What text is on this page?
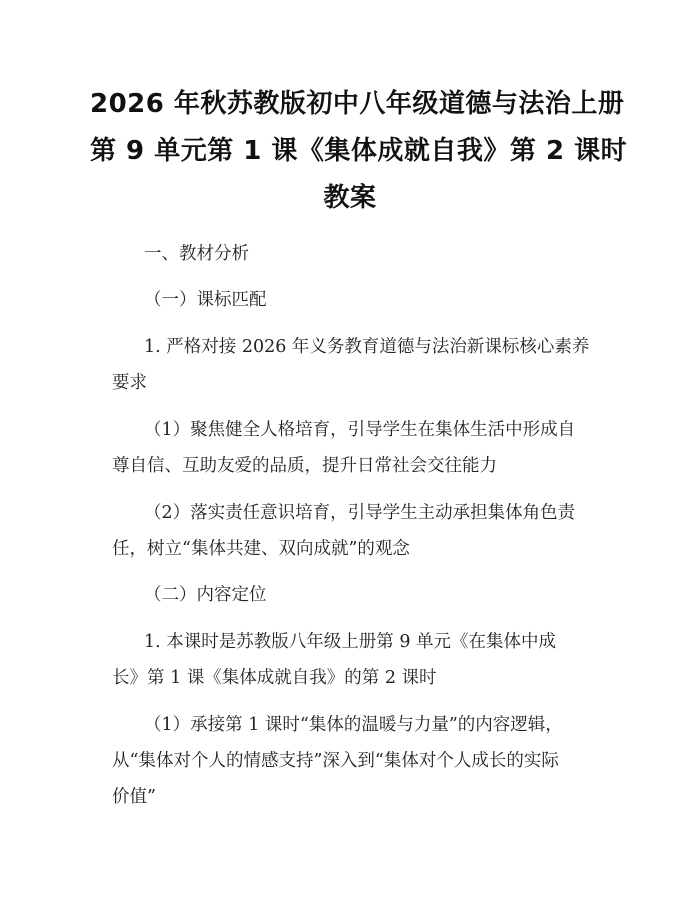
2026 年秋苏教版初中八年级道德与法治上册
第 9 单元第 1 课《集体成就自我》第 2 课时
教案
一、教材分析
（一）课标匹配
1. 严格对接 2026 年义务教育道德与法治新课标核心素养
要求
（1）聚焦健全人格培育，引导学生在集体生活中形成自
尊自信、互助友爱的品质，提升日常社会交往能力
（2）落实责任意识培育，引导学生主动承担集体角色责
任，树立“集体共建、双向成就”的观念
（二）内容定位
1. 本课时是苏教版八年级上册第 9 单元《在集体中成
长》第 1 课《集体成就自我》的第 2 课时
（1）承接第 1 课时“集体的温暖与力量”的内容逻辑，
从“集体对个人的情感支持”深入到“集体对个人成长的实际
价值”
